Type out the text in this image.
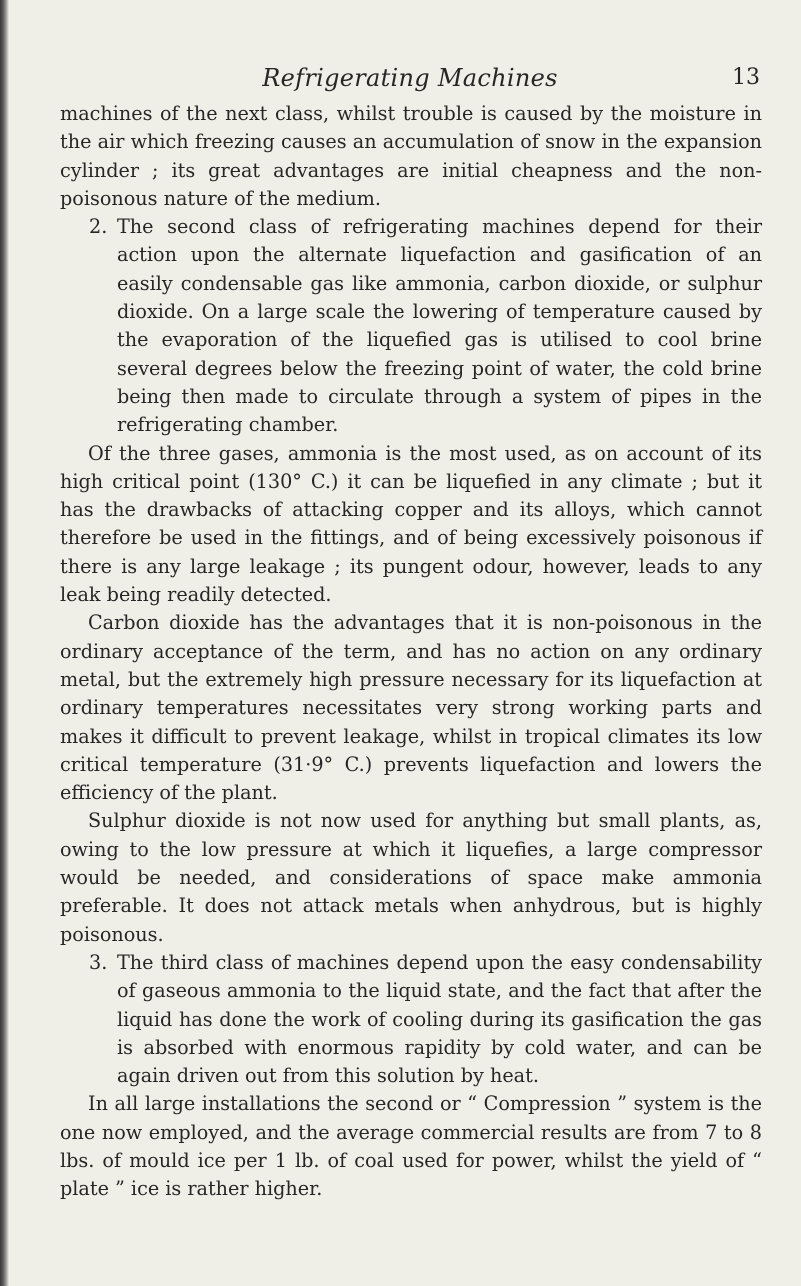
Refrigerating Machines	13

machines of the next class, whilst trouble is caused by the moisture in the air which freezing causes an accumulation of snow in the expansion cylinder ; its great advantages are initial cheapness and the non-poisonous nature of the medium.

2. The second class of refrigerating machines depend for their action upon the alternate liquefaction and gasification of an easily condensable gas like ammonia, carbon dioxide, or sulphur dioxide. On a large scale the lowering of temperature caused by the evaporation of the liquefied gas is utilised to cool brine several degrees below the freezing point of water, the cold brine being then made to circulate through a system of pipes in the refrigerating chamber.

Of the three gases, ammonia is the most used, as on account of its high critical point (130° C.) it can be liquefied in any climate ; but it has the drawbacks of attacking copper and its alloys, which cannot therefore be used in the fittings, and of being excessively poisonous if there is any large leakage ; its pungent odour, however, leads to any leak being readily detected.

Carbon dioxide has the advantages that it is non-poisonous in the ordinary acceptance of the term, and has no action on any ordinary metal, but the extremely high pressure necessary for its liquefaction at ordinary temperatures necessitates very strong working parts and makes it difficult to prevent leakage, whilst in tropical climates its low critical temperature (31·9° C.) prevents liquefaction and lowers the efficiency of the plant.

Sulphur dioxide is not now used for anything but small plants, as, owing to the low pressure at which it liquefies, a large compressor would be needed, and considerations of space make ammonia preferable. It does not attack metals when anhydrous, but is highly poisonous.

3. The third class of machines depend upon the easy condensability of gaseous ammonia to the liquid state, and the fact that after the liquid has done the work of cooling during its gasification the gas is absorbed with enormous rapidity by cold water, and can be again driven out from this solution by heat.

In all large installations the second or “ Compression ” system is the one now employed, and the average commercial results are from 7 to 8 lbs. of mould ice per 1 lb. of coal used for power, whilst the yield of “ plate ” ice is rather higher.
